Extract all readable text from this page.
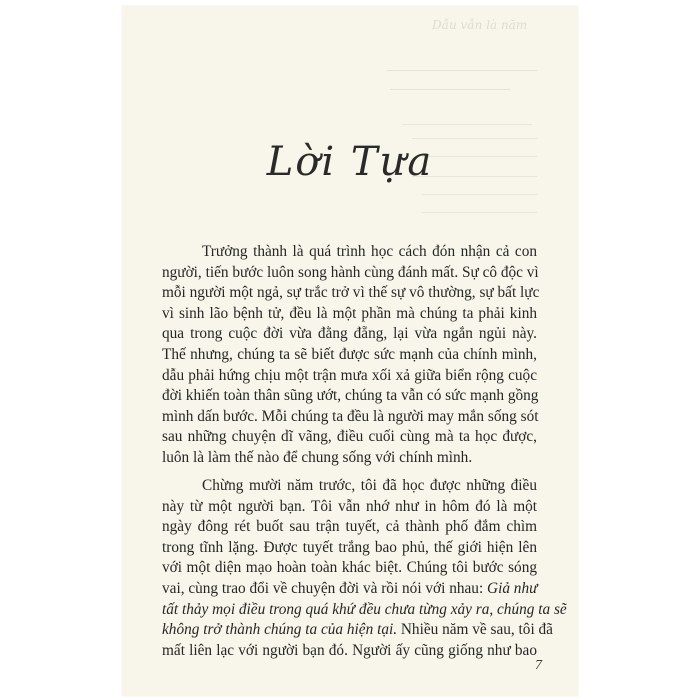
Dẫu vẫn là năm
Lời Tựa
Trưởng thành là quá trình học cách đón nhận cả con
người, tiến bước luôn song hành cùng đánh mất. Sự cô độc vì
mỗi người một ngả, sự trắc trở vì thế sự vô thường, sự bất lực
vì sinh lão bệnh tử, đều là một phần mà chúng ta phải kinh
qua trong cuộc đời vừa đằng đẵng, lại vừa ngắn ngủi này.
Thế nhưng, chúng ta sẽ biết được sức mạnh của chính mình,
dẫu phải hứng chịu một trận mưa xối xả giữa biển rộng cuộc
đời khiến toàn thân sũng ướt, chúng ta vẫn có sức mạnh gồng
mình dấn bước. Mỗi chúng ta đều là người may mắn sống sót
sau những chuyện dĩ vãng, điều cuối cùng mà ta học được,
luôn là làm thế nào để chung sống với chính mình.
Chừng mười năm trước, tôi đã học được những điều
này từ một người bạn. Tôi vẫn nhớ như in hôm đó là một
ngày đông rét buốt sau trận tuyết, cả thành phố đắm chìm
trong tĩnh lặng. Được tuyết trắng bao phủ, thế giới hiện lên
với một diện mạo hoàn toàn khác biệt. Chúng tôi bước sóng
vai, cùng trao đổi về chuyện đời và rồi nói với nhau: Giả như
tất thảy mọi điều trong quá khứ đều chưa từng xảy ra, chúng ta sẽ
không trở thành chúng ta của hiện tại. Nhiều năm về sau, tôi đã
mất liên lạc với người bạn đó. Người ấy cũng giống như bao
7
